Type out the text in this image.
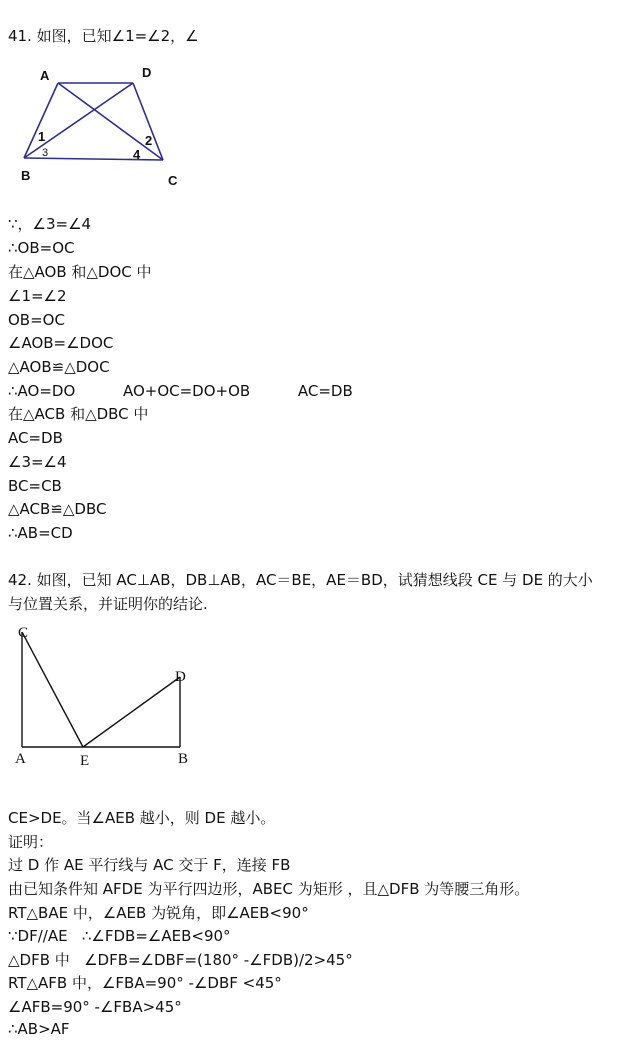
41. 如图，已知∠1=∠2，∠
A	D
B	C
1	2
3	4
∵，∠3=∠4
∴OB=OC
在△AOB 和△DOC 中
∠1=∠2
OB=OC
∠AOB=∠DOC
△AOB≌△DOC
∴AO=DO          AO+OC=DO+OB          AC=DB
在△ACB 和△DBC 中
AC=DB
∠3=∠4
BC=CB
△ACB≌△DBC
∴AB=CD
42. 如图，已知 AC⊥AB，DB⊥AB，AC＝BE，AE＝BD，试猜想线段 CE 与 DE 的大小
与位置关系，并证明你的结论.
C
D
A	E	B
CE>DE。当∠AEB 越小，则 DE 越小。
证明：
过 D 作 AE 平行线与 AC 交于 F，连接 FB
由已知条件知 AFDE 为平行四边形，ABEC 为矩形 ，且△DFB 为等腰三角形。
RT△BAE 中，∠AEB 为锐角，即∠AEB<90°
∵DF//AE   ∴∠FDB=∠AEB<90°
△DFB 中   ∠DFB=∠DBF=(180° -∠FDB)/2>45°
RT△AFB 中，∠FBA=90° -∠DBF <45°
∠AFB=90° -∠FBA>45°
∴AB>AF
